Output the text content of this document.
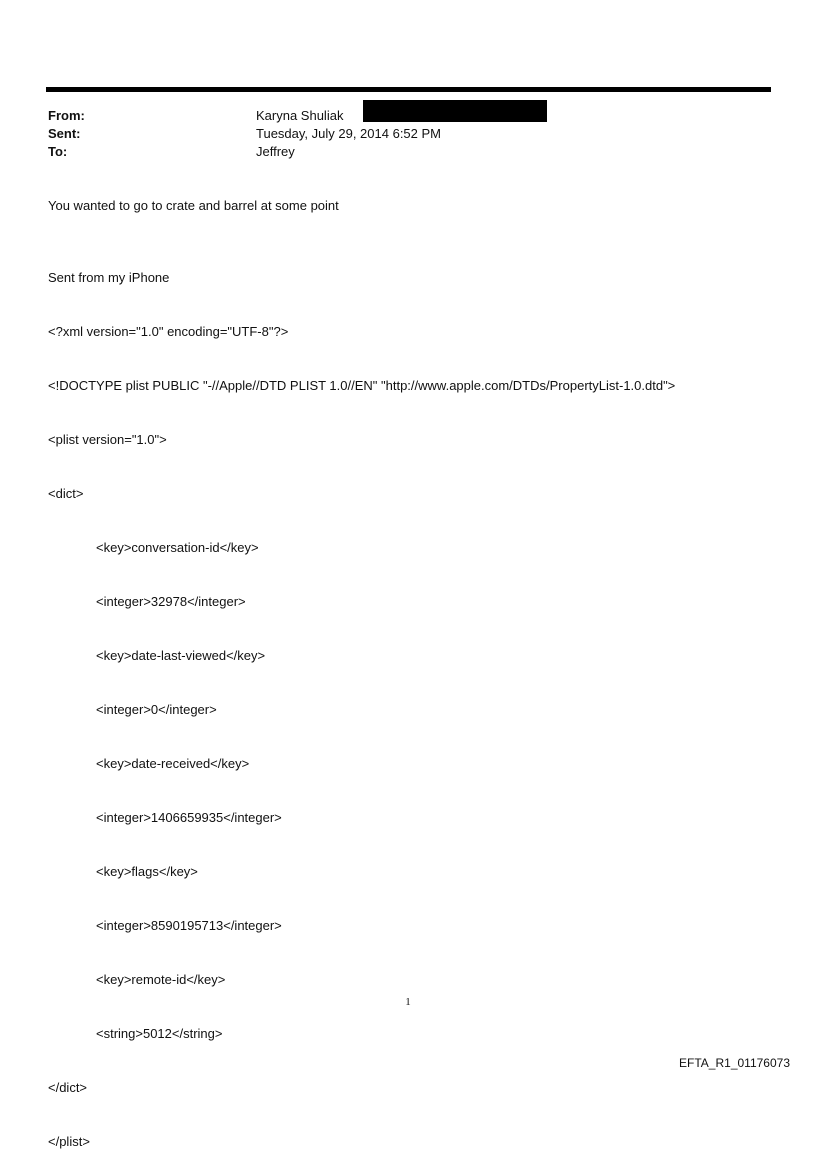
From:	Karyna Shuliak
Sent:	Tuesday, July 29, 2014 6:52 PM
To:	Jeffrey
You wanted to go to crate and barrel at some point

Sent from my iPhone

<?xml version="1.0" encoding="UTF-8"?>

<!DOCTYPE plist PUBLIC "-//Apple//DTD PLIST 1.0//EN" "http://www.apple.com/DTDs/PropertyList-1.0.dtd">

<plist version="1.0">

<dict>

<key>conversation-id</key>

<integer>32978</integer>

<key>date-last-viewed</key>

<integer>0</integer>

<key>date-received</key>

<integer>1406659935</integer>

<key>flags</key>

<integer>8590195713</integer>

<key>remote-id</key>

<string>5012</string>

</dict>

</plist>

1
EFTA_R1_01176073
